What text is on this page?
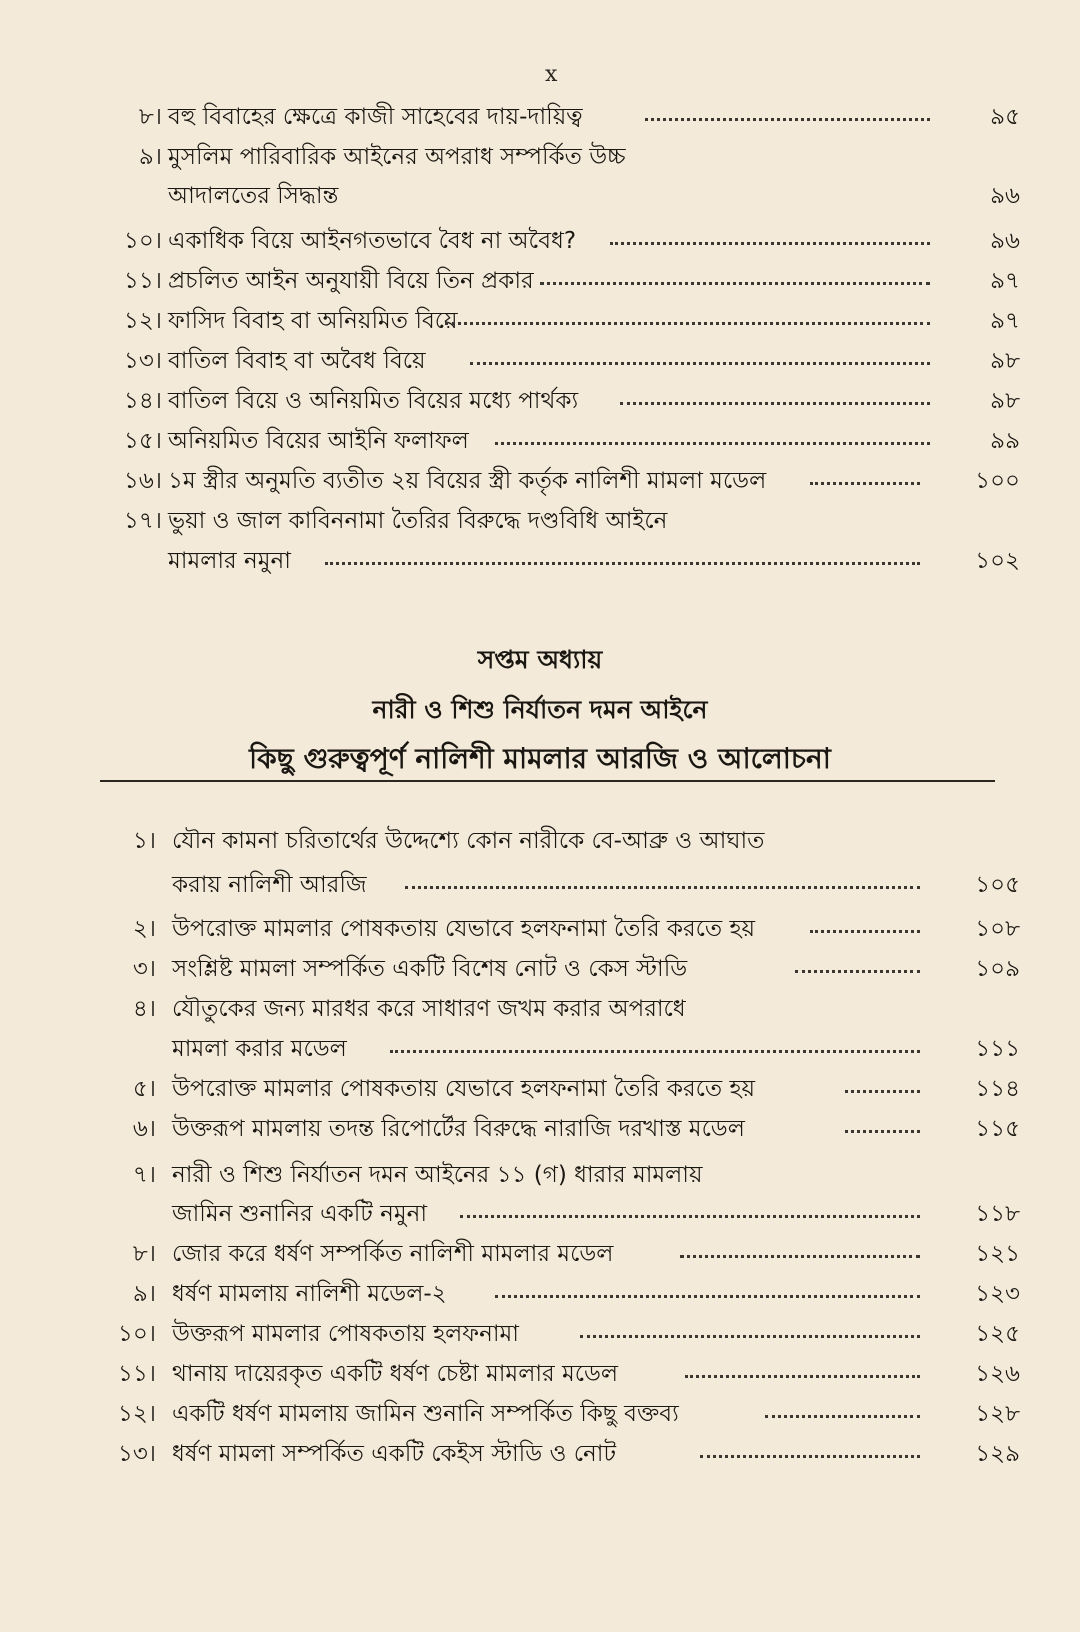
x
৮। বহু বিবাহের ক্ষেত্রে কাজী সাহেবের দায়-দায়িত্ব	৯৫
৯। মুসলিম পারিবারিক আইনের অপরাধ সম্পর্কিত উচ্চ
আদালতের সিদ্ধান্ত	৯৬
১০। একাধিক বিয়ে আইনগতভাবে বৈধ না অবৈধ?	৯৬
১১। প্রচলিত আইন অনুযায়ী বিয়ে তিন প্রকার	৯৭
১২। ফাসিদ বিবাহ বা অনিয়মিত বিয়ে	৯৭
১৩। বাতিল বিবাহ বা অবৈধ বিয়ে	৯৮
১৪। বাতিল বিয়ে ও অনিয়মিত বিয়ের মধ্যে পার্থক্য	৯৮
১৫। অনিয়মিত বিয়ের আইনি ফলাফল	৯৯
১৬। ১ম স্ত্রীর অনুমতি ব্যতীত ২য় বিয়ের স্ত্রী কর্তৃক নালিশী মামলা মডেল	১০০
১৭। ভুয়া ও জাল কাবিননামা তৈরির বিরুদ্ধে দণ্ডবিধি আইনে
মামলার নমুনা	১০২
সপ্তম অধ্যায়
নারী ও শিশু নির্যাতন দমন আইনে
কিছু গুরুত্বপূর্ণ নালিশী মামলার আরজি ও আলোচনা
১। যৌন কামনা চরিতার্থের উদ্দেশ্যে কোন নারীকে বে-আব্রু ও আঘাত
করায় নালিশী আরজি	১০৫
২। উপরোক্ত মামলার পোষকতায় যেভাবে হলফনামা তৈরি করতে হয়	১০৮
৩। সংশ্লিষ্ট মামলা সম্পর্কিত একটি বিশেষ নোট ও কেস স্টাডি	১০৯
৪। যৌতুকের জন্য মারধর করে সাধারণ জখম করার অপরাধে
মামলা করার মডেল	১১১
৫। উপরোক্ত মামলার পোষকতায় যেভাবে হলফনামা তৈরি করতে হয়	১১৪
৬। উক্তরূপ মামলায় তদন্ত রিপোর্টের বিরুদ্ধে নারাজি দরখাস্ত মডেল	১১৫
৭। নারী ও শিশু নির্যাতন দমন আইনের ১১ (গ) ধারার মামলায়
জামিন শুনানির একটি নমুনা	১১৮
৮। জোর করে ধর্ষণ সম্পর্কিত নালিশী মামলার মডেল	১২১
৯। ধর্ষণ মামলায় নালিশী মডেল-২	১২৩
১০। উক্তরূপ মামলার পোষকতায় হলফনামা	১২৫
১১। থানায় দায়েরকৃত একটি ধর্ষণ চেষ্টা মামলার মডেল	১২৬
১২। একটি ধর্ষণ মামলায় জামিন শুনানি সম্পর্কিত কিছু বক্তব্য	১২৮
১৩। ধর্ষণ মামলা সম্পর্কিত একটি কেইস স্টাডি ও নোট	১২৯
